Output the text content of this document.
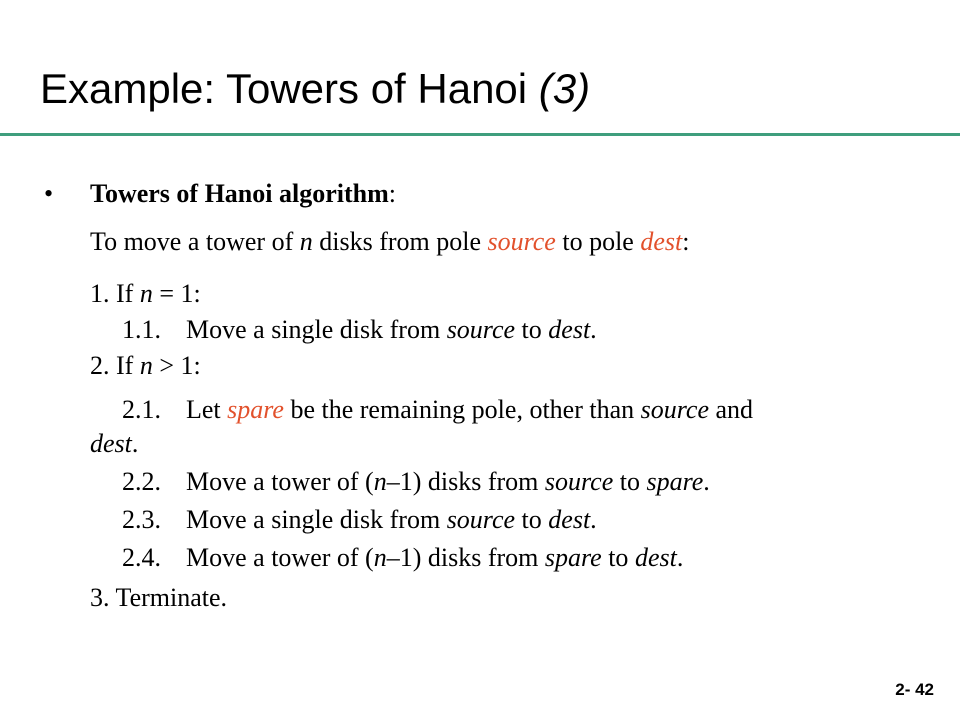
Example: Towers of Hanoi (3)
• Towers of Hanoi algorithm:
To move a tower of n disks from pole source to pole dest:
1. If n = 1:
1.1. Move a single disk from source to dest.
2. If n > 1:
2.1. Let spare be the remaining pole, other than source and
dest.
2.2. Move a tower of (n–1) disks from source to spare.
2.3. Move a single disk from source to dest.
2.4. Move a tower of (n–1) disks from spare to dest.
3. Terminate.
2- 42
